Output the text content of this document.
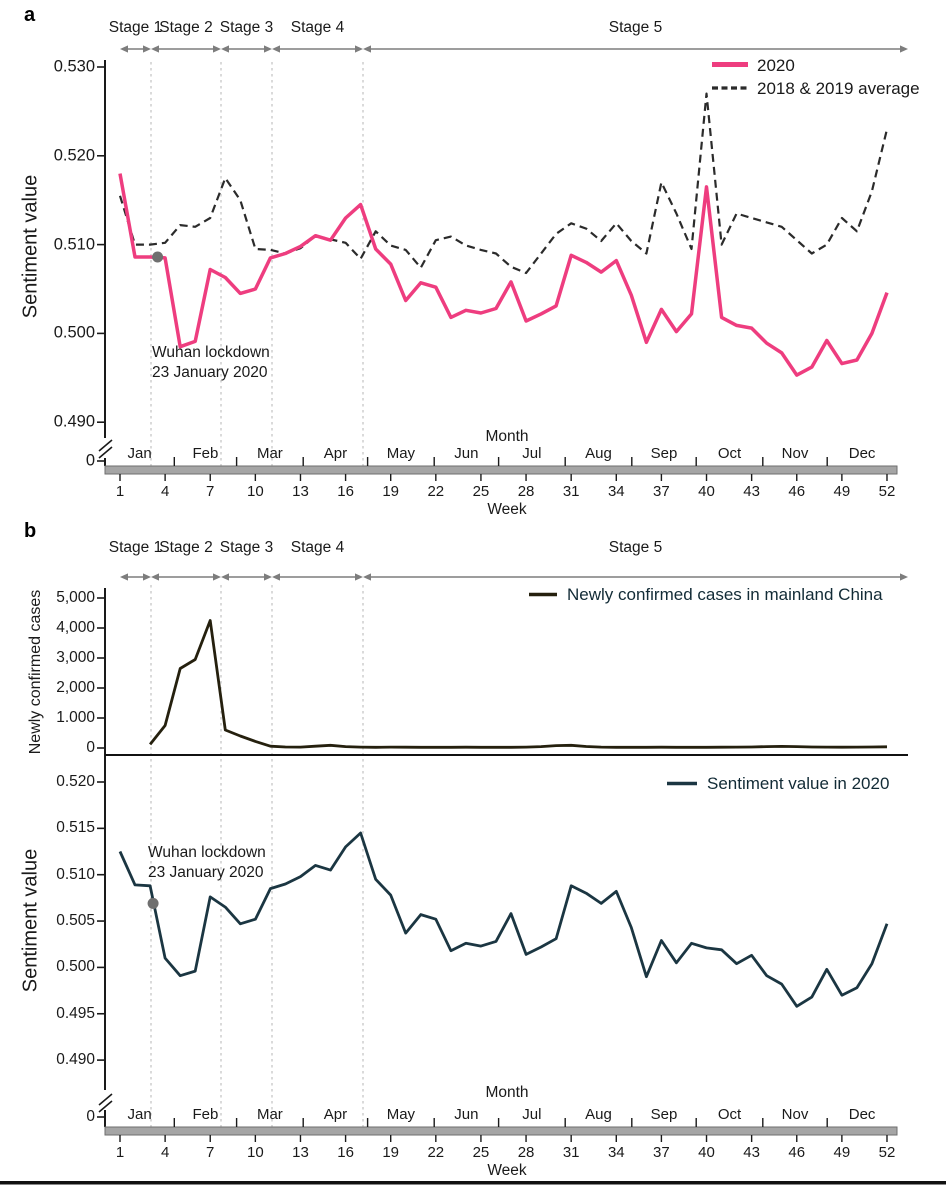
a
b
Sentiment value
Newly confirmed cases
Sentiment value
2020
2018 & 2019 average
Newly confirmed cases in mainland China
Sentiment value in 2020
Wuhan lockdown
23 January 2020
Wuhan lockdown
23 January 2020
Month
Week
Month
Week
Stage 1
Stage 2 Stage 3 Stage 4	Stage 5
0.530
0.520
0.510
0.500
0.490
0 Jan	Feb	Mar	Apr	May	Jun	Jul	Aug	Sep	Oct	Nov	Dec
1 4 7 10 13 16 19 22 25 28 31 34 37 40 43 46 49 52
Stage 1
Stage 2 Stage 3 Stage 4	Stage 5
5,000
4,000
3,000
2,000
1.000
0
0.520
0.515
0.510
0.505
0.500
0.495
0.490
0 Jan	Feb	Mar	Apr	May	Jun	Jul	Aug	Sep	Oct	Nov	Dec
1 4 7 10 13 16 19 22 25 28 31 34 37 40 43 46 49 52
